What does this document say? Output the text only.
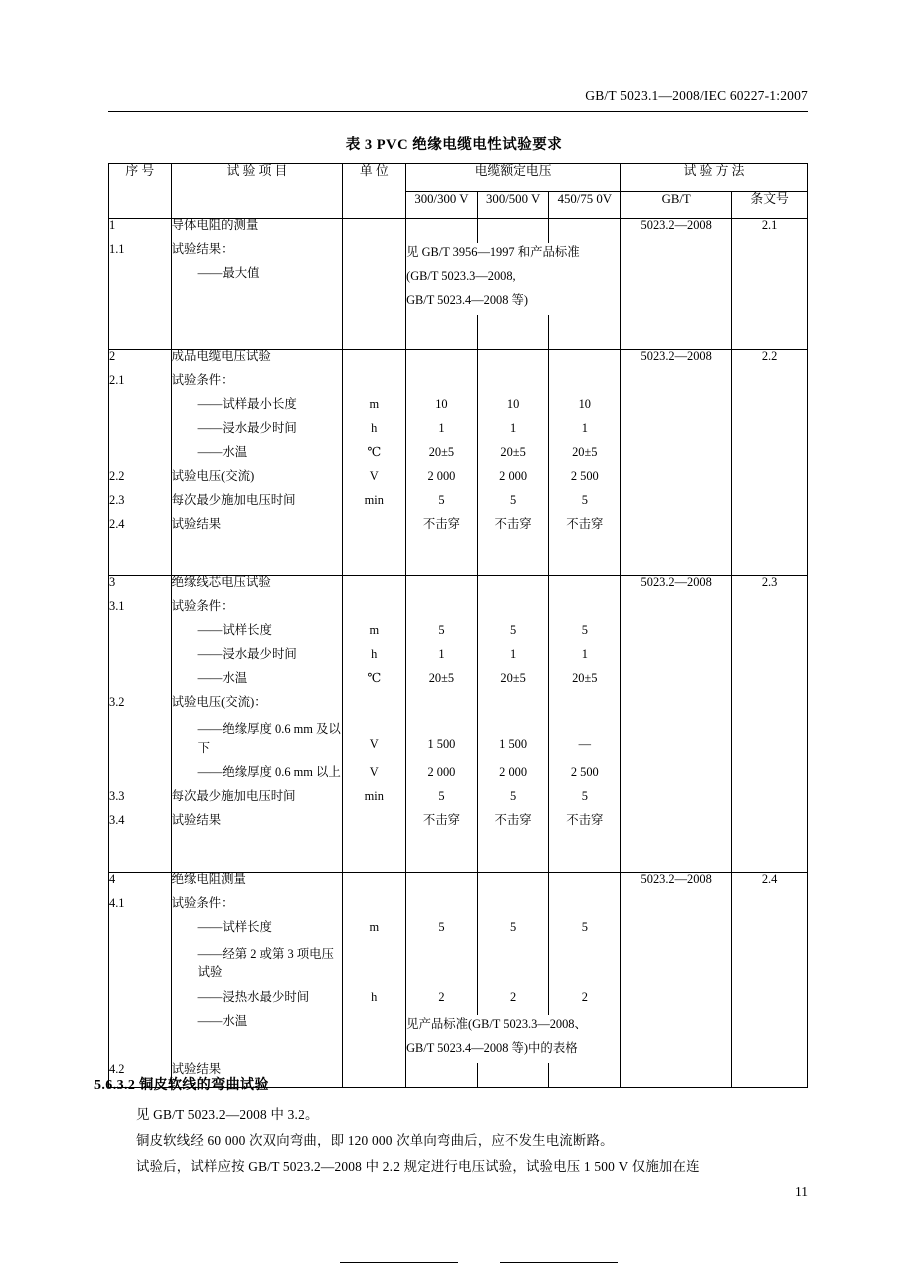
GB/T 5023.1—2008/IEC 60227-1:2007
表 3 PVC 绝缘电缆电性试验要求
序 号	试 验 项 目	单 位	电缆额定电压			试 验 方 法	
			300/300 V	300/500 V	450/75 0V	GB/T	条文号
1	导体电阻的测量					5023.2—2008	2.1
1.1	试验结果：		见 GB/T 3956—1997 和产品标准				
	——最大值		(GB/T 5023.3—2008,				
			GB/T 5023.4—2008 等)				

2	成品电缆电压试验					5023.2—2008	2.2
2.1	试验条件：						
	——试样最小长度	m	10	10	10		
	——浸水最少时间	h	1	1	1		
	——水温	℃	20±5	20±5	20±5		
2.2	试验电压(交流)	V	2 000	2 000	2 500		
2.3	每次最少施加电压时间	min	5	5	5		
2.4	试验结果		不击穿	不击穿	不击穿		

3	绝缘线芯电压试验					5023.2—2008	2.3
3.1	试验条件：						
	——试样长度	m	5	5	5		
	——浸水最少时间	h	1	1	1		
	——水温	℃	20±5	20±5	20±5		
3.2	试验电压(交流)：						
	——绝缘厚度 0.6 mm 及以下	V	1 500	1 500	—		
	——绝缘厚度 0.6 mm 以上	V	2 000	2 000	2 500		
3.3	每次最少施加电压时间	min	5	5	5		
3.4	试验结果		不击穿	不击穿	不击穿		

4	绝缘电阻测量					5023.2—2008	2.4
4.1	试验条件：						
	——试样长度	m	5	5	5		
	——经第 2 或第 3 项电压试验						
	——浸热水最少时间	h	2	2	2		
	——水温		见产品标准(GB/T 5023.3—2008、				
			GB/T 5023.4—2008 等)中的表格				
4.2	试验结果						
5.6.3.2 铜皮软线的弯曲试验
见 GB/T 5023.2—2008 中 3.2。
铜皮软线经 60 000 次双向弯曲，即 120 000 次单向弯曲后，应不发生电流断路。
试验后，试样应按 GB/T 5023.2—2008 中 2.2 规定进行电压试验，试验电压 1 500 V 仅施加在连
11
